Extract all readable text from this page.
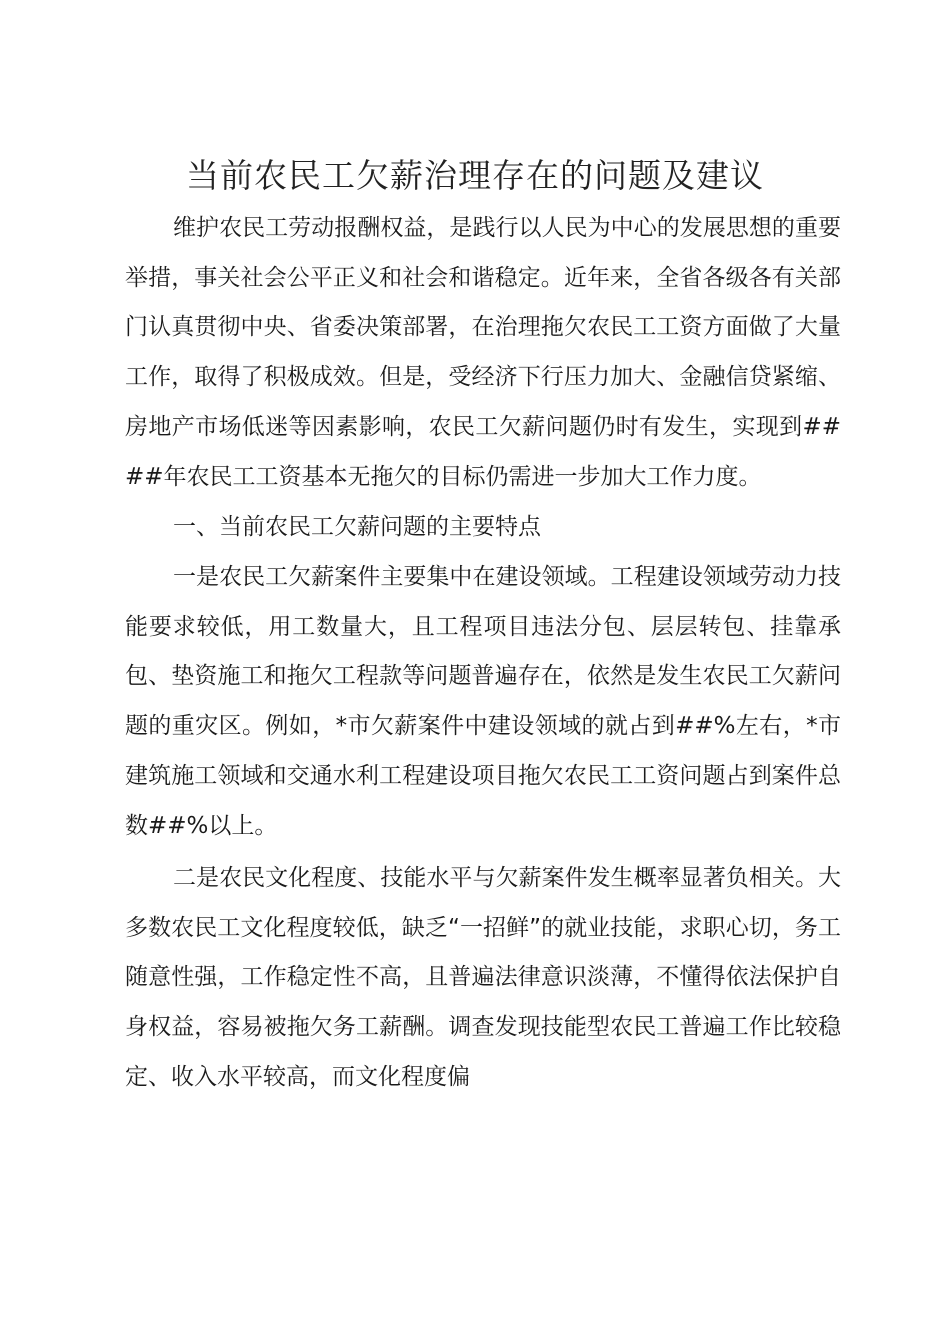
当前农民工欠薪治理存在的问题及建议

维护农民工劳动报酬权益，是践行以人民为中心的发展思想的重要举措，事关社会公平正义和社会和谐稳定。近年来，全省各级各有关部门认真贯彻中央、省委决策部署，在治理拖欠农民工工资方面做了大量工作，取得了积极成效。但是，受经济下行压力加大、金融信贷紧缩、房地产市场低迷等因素影响，农民工欠薪问题仍时有发生，实现到####年农民工工资基本无拖欠的目标仍需进一步加大工作力度。

一、当前农民工欠薪问题的主要特点

一是农民工欠薪案件主要集中在建设领域。工程建设领域劳动力技能要求较低，用工数量大，且工程项目违法分包、层层转包、挂靠承包、垫资施工和拖欠工程款等问题普遍存在，依然是发生农民工欠薪问题的重灾区。例如，*市欠薪案件中建设领域的就占到##%左右，*市建筑施工领域和交通水利工程建设项目拖欠农民工工资问题占到案件总数##%以上。

二是农民文化程度、技能水平与欠薪案件发生概率显著负相关。大多数农民工文化程度较低，缺乏“一招鲜”的就业技能，求职心切，务工随意性强，工作稳定性不高，且普遍法律意识淡薄，不懂得依法保护自身权益，容易被拖欠务工薪酬。调查发现技能型农民工普遍工作比较稳定、收入水平较高，而文化程度偏
